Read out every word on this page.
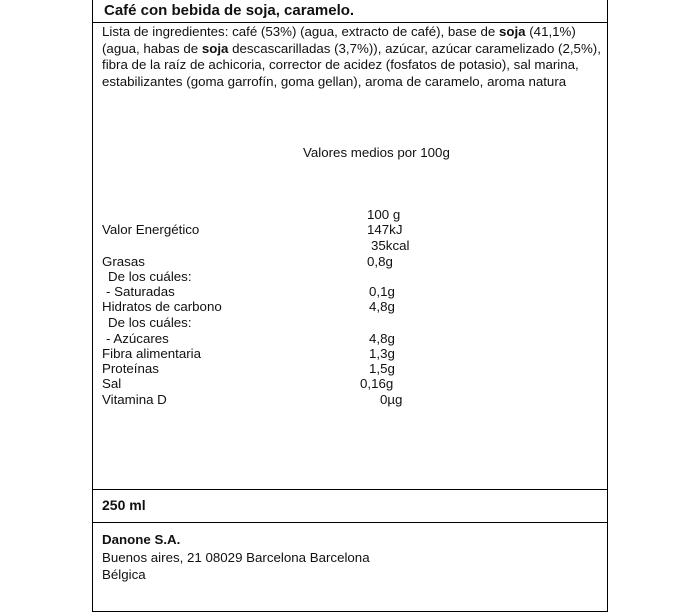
Café con bebida de soja, caramelo.
Lista de ingredientes: café (53%) (agua, extracto de café), base de soja (41,1%) (agua, habas de soja descascarilladas (3,7%)), azúcar, azúcar caramelizado (2,5%), fibra de la raíz de achicoria, corrector de acidez (fosfatos de potasio), sal marina, estabilizantes (goma garrofín, goma gellan), aroma de caramelo, aroma natura
Valores medios por 100g
100 g
Valor Energético	147kJ
35kcal
Grasas	0,8g
De los cuáles:
- Saturadas	0,1g
Hidratos de carbono	4,8g
De los cuáles:
- Azúcares	4,8g
Fibra alimentaria	1,3g
Proteínas	1,5g
Sal	0,16g
Vitamina D	0µg
250 ml
Danone S.A.
Buenos aires, 21 08029 Barcelona Barcelona
Bélgica
